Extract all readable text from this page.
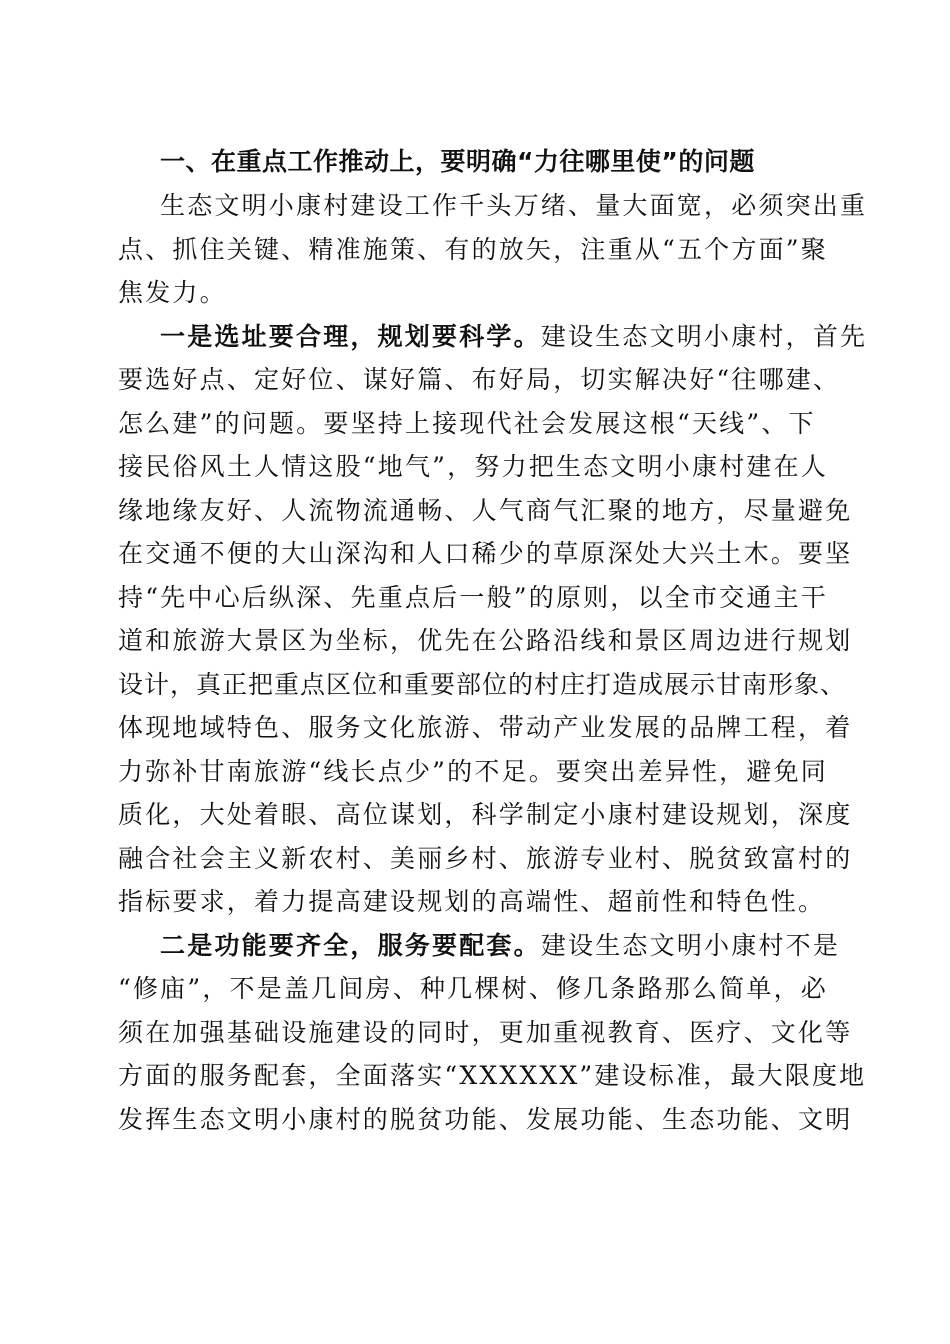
一、在重点工作推动上，要明确“力往哪里使”的问题

生态文明小康村建设工作千头万绪、量大面宽，必须突出重
点、抓住关键、精准施策、有的放矢，注重从“五个方面”聚
焦发力。

一是选址要合理，规划要科学。建设生态文明小康村，首先
要选好点、定好位、谋好篇、布好局，切实解决好“往哪建、
怎么建”的问题。要坚持上接现代社会发展这根“天线”、下
接民俗风土人情这股“地气”，努力把生态文明小康村建在人
缘地缘友好、人流物流通畅、人气商气汇聚的地方，尽量避免
在交通不便的大山深沟和人口稀少的草原深处大兴土木。要坚
持“先中心后纵深、先重点后一般”的原则，以全市交通主干
道和旅游大景区为坐标，优先在公路沿线和景区周边进行规划
设计，真正把重点区位和重要部位的村庄打造成展示甘南形象、
体现地域特色、服务文化旅游、带动产业发展的品牌工程，着
力弥补甘南旅游“线长点少”的不足。要突出差异性，避免同
质化，大处着眼、高位谋划，科学制定小康村建设规划，深度
融合社会主义新农村、美丽乡村、旅游专业村、脱贫致富村的
指标要求，着力提高建设规划的高端性、超前性和特色性。

二是功能要齐全，服务要配套。建设生态文明小康村不是
“修庙”，不是盖几间房、种几棵树、修几条路那么简单，必
须在加强基础设施建设的同时，更加重视教育、医疗、文化等
方面的服务配套，全面落实“XXXXXX”建设标准，最大限度地
发挥生态文明小康村的脱贫功能、发展功能、生态功能、文明
